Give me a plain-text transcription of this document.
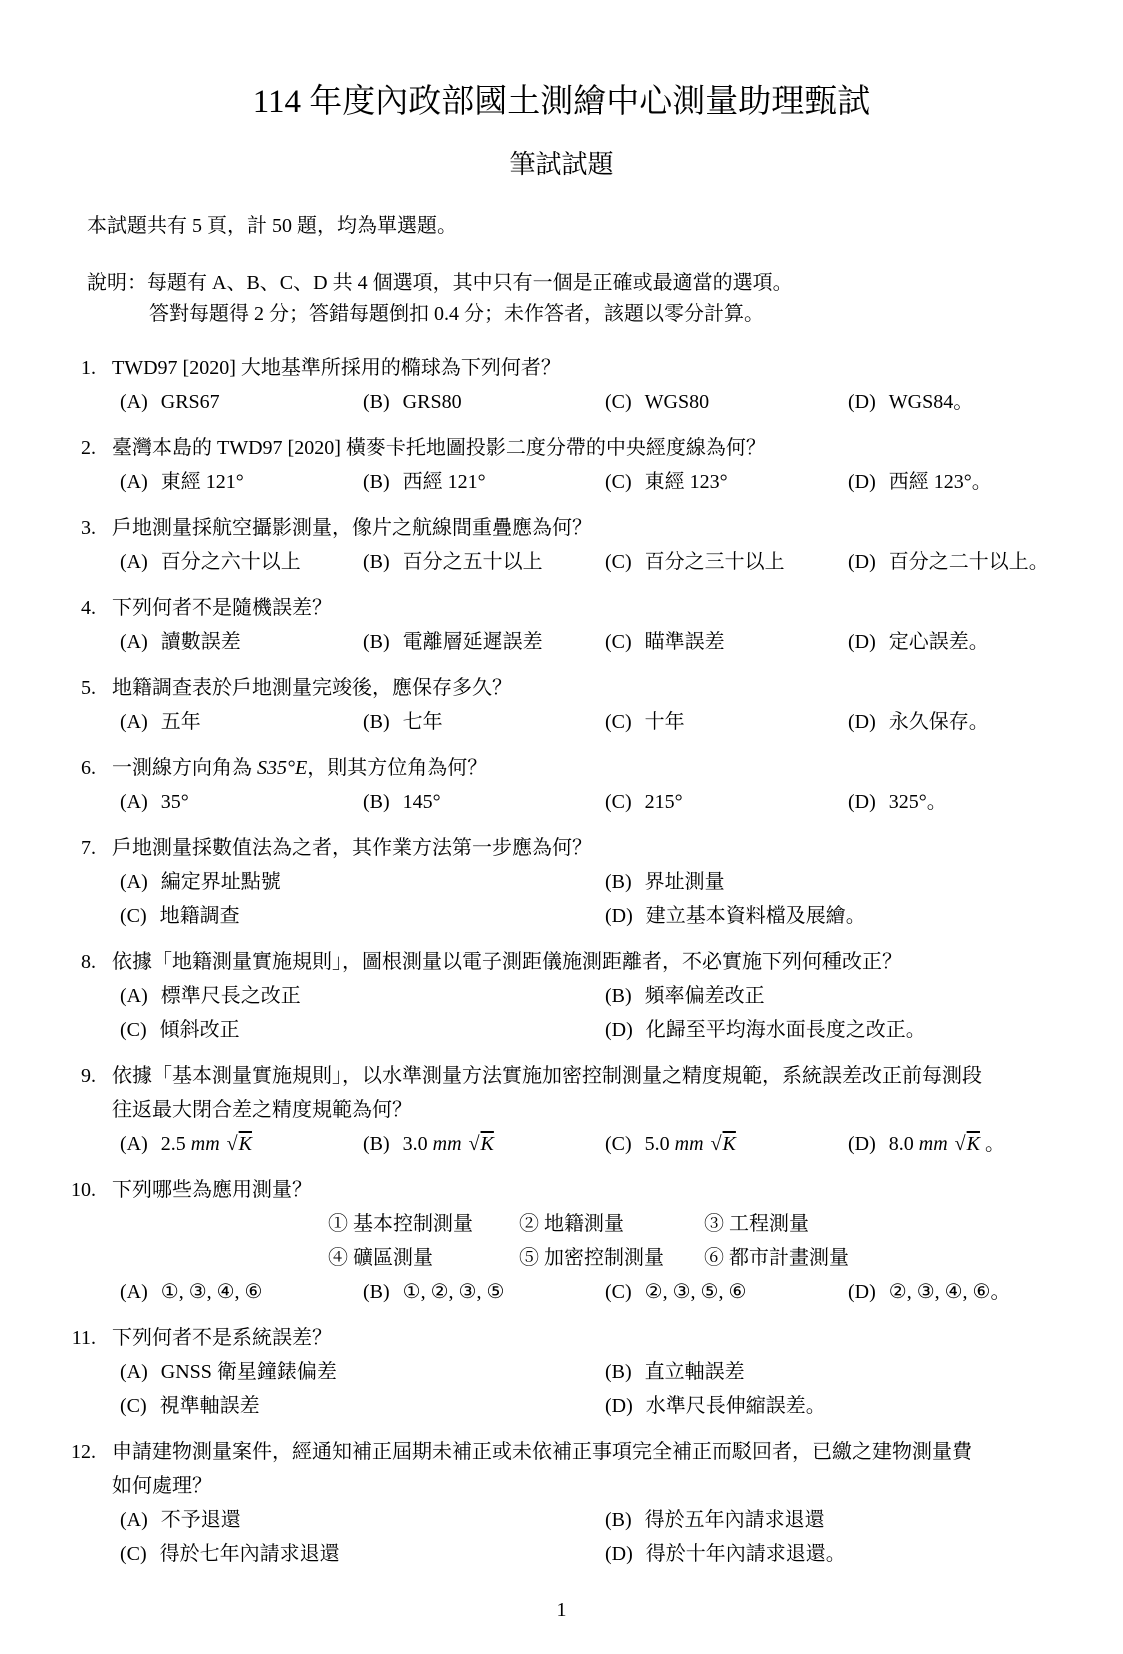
114 年度內政部國土測繪中心測量助理甄試
筆試試題
本試題共有 5 頁，計 50 題，均為單選題。
說明：每題有 A、B、C、D 共 4 個選項，其中只有一個是正確或最適當的選項。
答對每題得 2 分；答錯每題倒扣 0.4 分；未作答者，該題以零分計算。
1. TWD97 [2020] 大地基準所採用的橢球為下列何者？
(A) GRS67	(B) GRS80	(C) WGS80	(D) WGS84。
2. 臺灣本島的 TWD97 [2020] 橫麥卡托地圖投影二度分帶的中央經度線為何？
(A) 東經 121°	(B) 西經 121°	(C) 東經 123°	(D) 西經 123°。
3. 戶地測量採航空攝影測量，像片之航線間重疊應為何？
(A) 百分之六十以上	(B) 百分之五十以上	(C) 百分之三十以上	(D) 百分之二十以上。
4. 下列何者不是隨機誤差？
(A) 讀數誤差	(B) 電離層延遲誤差	(C) 瞄準誤差	(D) 定心誤差。
5. 地籍調查表於戶地測量完竣後，應保存多久？
(A) 五年	(B) 七年	(C) 十年	(D) 永久保存。
6. 一測線方向角為 S35°E，則其方位角為何？
(A) 35°	(B) 145°	(C) 215°	(D) 325°。
7. 戶地測量採數值法為之者，其作業方法第一步應為何？
(A) 編定界址點號	(B) 界址測量
(C) 地籍調查	(D) 建立基本資料檔及展繪。
8. 依據「地籍測量實施規則」，圖根測量以電子測距儀施測距離者，不必實施下列何種改正？
(A) 標準尺長之改正	(B) 頻率偏差改正
(C) 傾斜改正	(D) 化歸至平均海水面長度之改正。
9. 依據「基本測量實施規則」，以水準測量方法實施加密控制測量之精度規範，系統誤差改正前每測段往返最大閉合差之精度規範為何？
(A) 2.5 mm √K	(B) 3.0 mm √K	(C) 5.0 mm √K	(D) 8.0 mm √K 。
10. 下列哪些為應用測量？
① 基本控制測量	② 地籍測量	③ 工程測量
④ 礦區測量	⑤ 加密控制測量	⑥ 都市計畫測量
(A) ①, ③, ④, ⑥	(B) ①, ②, ③, ⑤	(C) ②, ③, ⑤, ⑥	(D) ②, ③, ④, ⑥。
11. 下列何者不是系統誤差？
(A) GNSS 衛星鐘錶偏差	(B) 直立軸誤差
(C) 視準軸誤差	(D) 水準尺長伸縮誤差。
12. 申請建物測量案件，經通知補正屆期未補正或未依補正事項完全補正而駁回者，已繳之建物測量費如何處理？
(A) 不予退還	(B) 得於五年內請求退還
(C) 得於七年內請求退還	(D) 得於十年內請求退還。
1
